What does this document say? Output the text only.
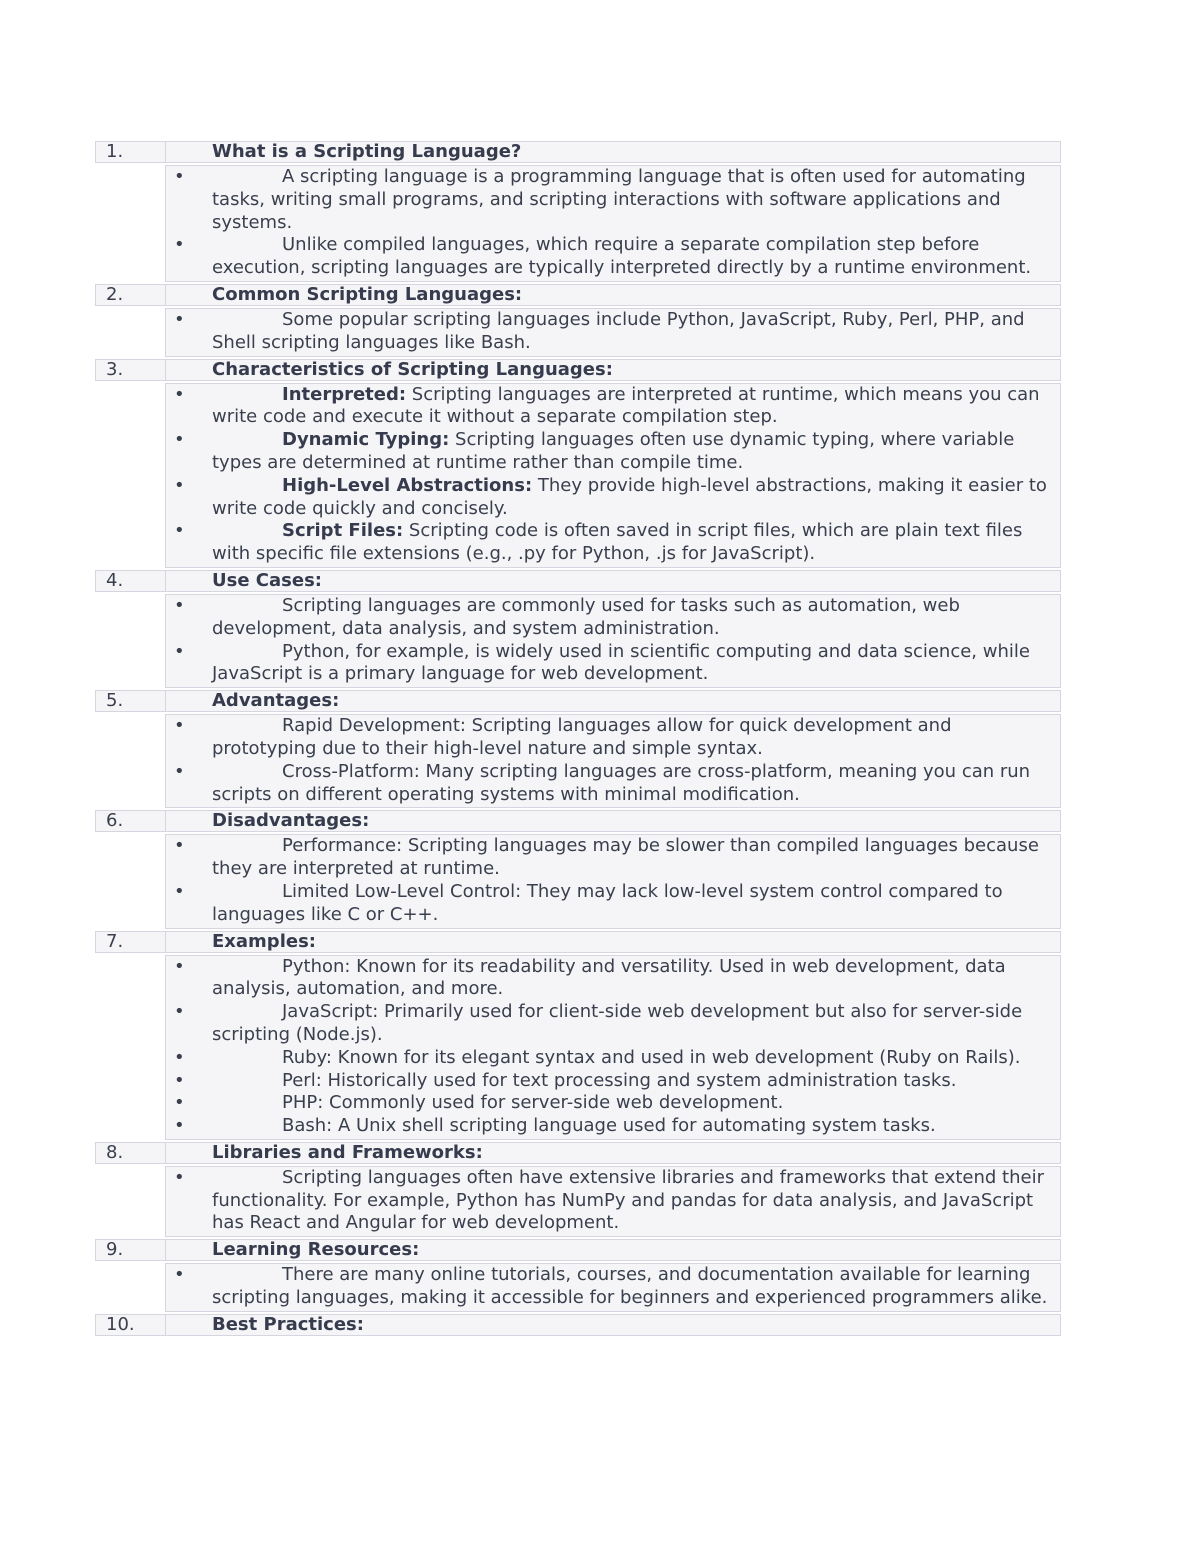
1.	What is a Scripting Language?
•	A scripting language is a programming language that is often used for automating tasks, writing small programs, and scripting interactions with software applications and systems.
•	Unlike compiled languages, which require a separate compilation step before execution, scripting languages are typically interpreted directly by a runtime environment.
2.	Common Scripting Languages:
•	Some popular scripting languages include Python, JavaScript, Ruby, Perl, PHP, and Shell scripting languages like Bash.
3.	Characteristics of Scripting Languages:
•	Interpreted: Scripting languages are interpreted at runtime, which means you can write code and execute it without a separate compilation step.
•	Dynamic Typing: Scripting languages often use dynamic typing, where variable types are determined at runtime rather than compile time.
•	High-Level Abstractions: They provide high-level abstractions, making it easier to write code quickly and concisely.
•	Script Files: Scripting code is often saved in script files, which are plain text files with specific file extensions (e.g., .py for Python, .js for JavaScript).
4.	Use Cases:
•	Scripting languages are commonly used for tasks such as automation, web development, data analysis, and system administration.
•	Python, for example, is widely used in scientific computing and data science, while JavaScript is a primary language for web development.
5.	Advantages:
•	Rapid Development: Scripting languages allow for quick development and prototyping due to their high-level nature and simple syntax.
•	Cross-Platform: Many scripting languages are cross-platform, meaning you can run scripts on different operating systems with minimal modification.
6.	Disadvantages:
•	Performance: Scripting languages may be slower than compiled languages because they are interpreted at runtime.
•	Limited Low-Level Control: They may lack low-level system control compared to languages like C or C++.
7.	Examples:
•	Python: Known for its readability and versatility. Used in web development, data analysis, automation, and more.
•	JavaScript: Primarily used for client-side web development but also for server-side scripting (Node.js).
•	Ruby: Known for its elegant syntax and used in web development (Ruby on Rails).
•	Perl: Historically used for text processing and system administration tasks.
•	PHP: Commonly used for server-side web development.
•	Bash: A Unix shell scripting language used for automating system tasks.
8.	Libraries and Frameworks:
•	Scripting languages often have extensive libraries and frameworks that extend their functionality. For example, Python has NumPy and pandas for data analysis, and JavaScript has React and Angular for web development.
9.	Learning Resources:
•	There are many online tutorials, courses, and documentation available for learning scripting languages, making it accessible for beginners and experienced programmers alike.
10.	Best Practices:
